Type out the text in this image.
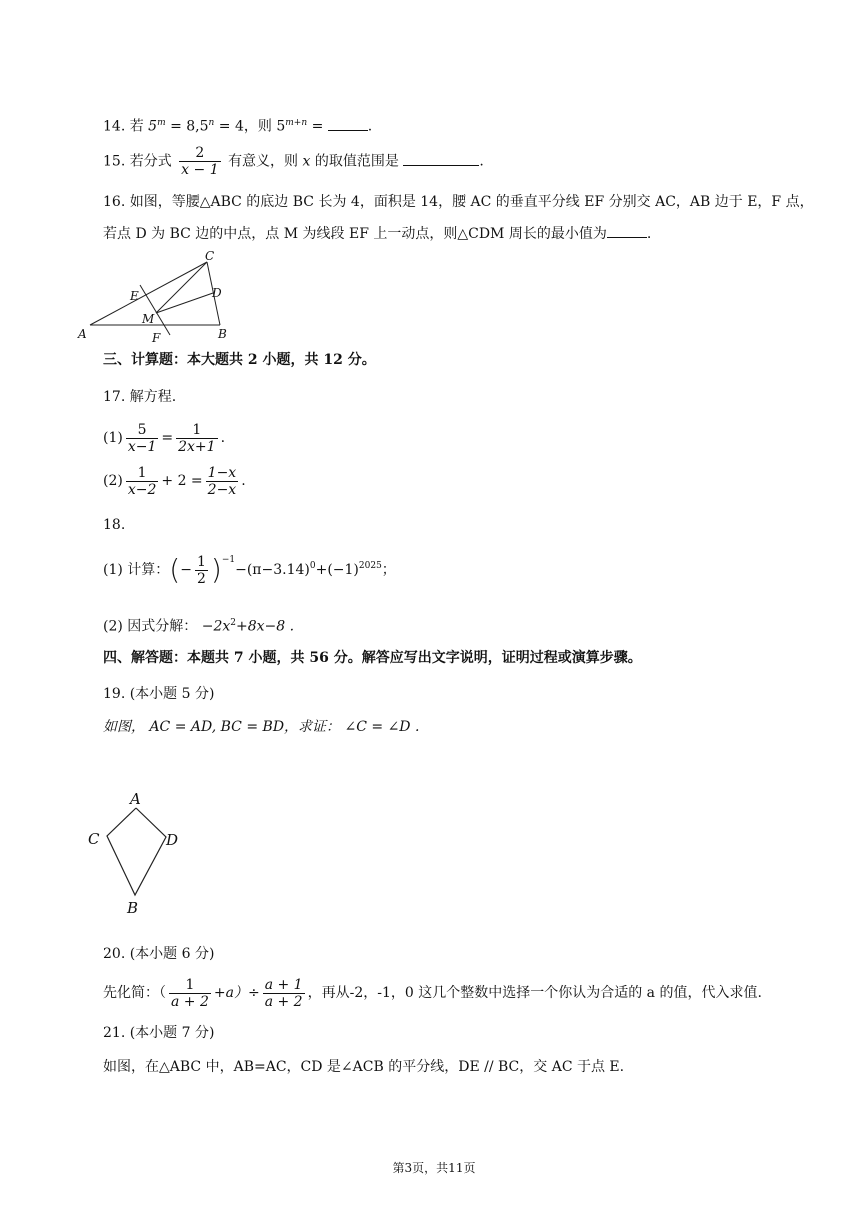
14. 若 $5^m = 8,5^n = 4$，则 $5^{m+n}$ =	.
15. 若分式 $\frac{2}{x - 1}$ 有意义，则 x 的取值范围是	.
16. 如图，等腰△ABC 的底边 BC 长为 4，面积是 14，腰 AC 的垂直平分线 EF 分别交 AC，AB 边于 E，F 点，
若点 D 为 BC 边的中点，点 M 为线段 EF 上一动点，则△CDM 周长的最小值为	.
A	B
C
D
E
F
M
三、计算题：本大题共 2 小题，共 12 分。
17. 解方程.
$(1) \frac{5}{x-1} = \frac{1}{2x+1}$ .
$(2) \frac{1}{x-2} + 2 = \frac{1-x}{2-x}$ .
18.
(1) 计算： ( − $\frac{1}{2} )^{-1}$
$-(\pi-3.14)^0 +(-1)^{2025}$ ；
(2) 因式分解： $-2x^2+8x-8$ .
四、解答题：本题共 7 小题，共 56 分。解答应写出文字说明，证明过程或演算步骤。
19. (本小题 5 分)
如图， AC = AD, BC = BD，求证： ∠C = ∠D .
A
C	D
B
20. (本小题 6 分)
先化简：（ $\frac{1}{a + 2} +a)\div \frac{a + 1}{a + 2}$ ，再从-2，-1，0 这几个整数中选择一个你认为合适的 a 的值，代入求值.
21. (本小题 7 分)
如图，在△ABC 中，AB=AC，CD 是∠ACB 的平分线，DE // BC，交 AC 于点 E.
第3页，共11页
